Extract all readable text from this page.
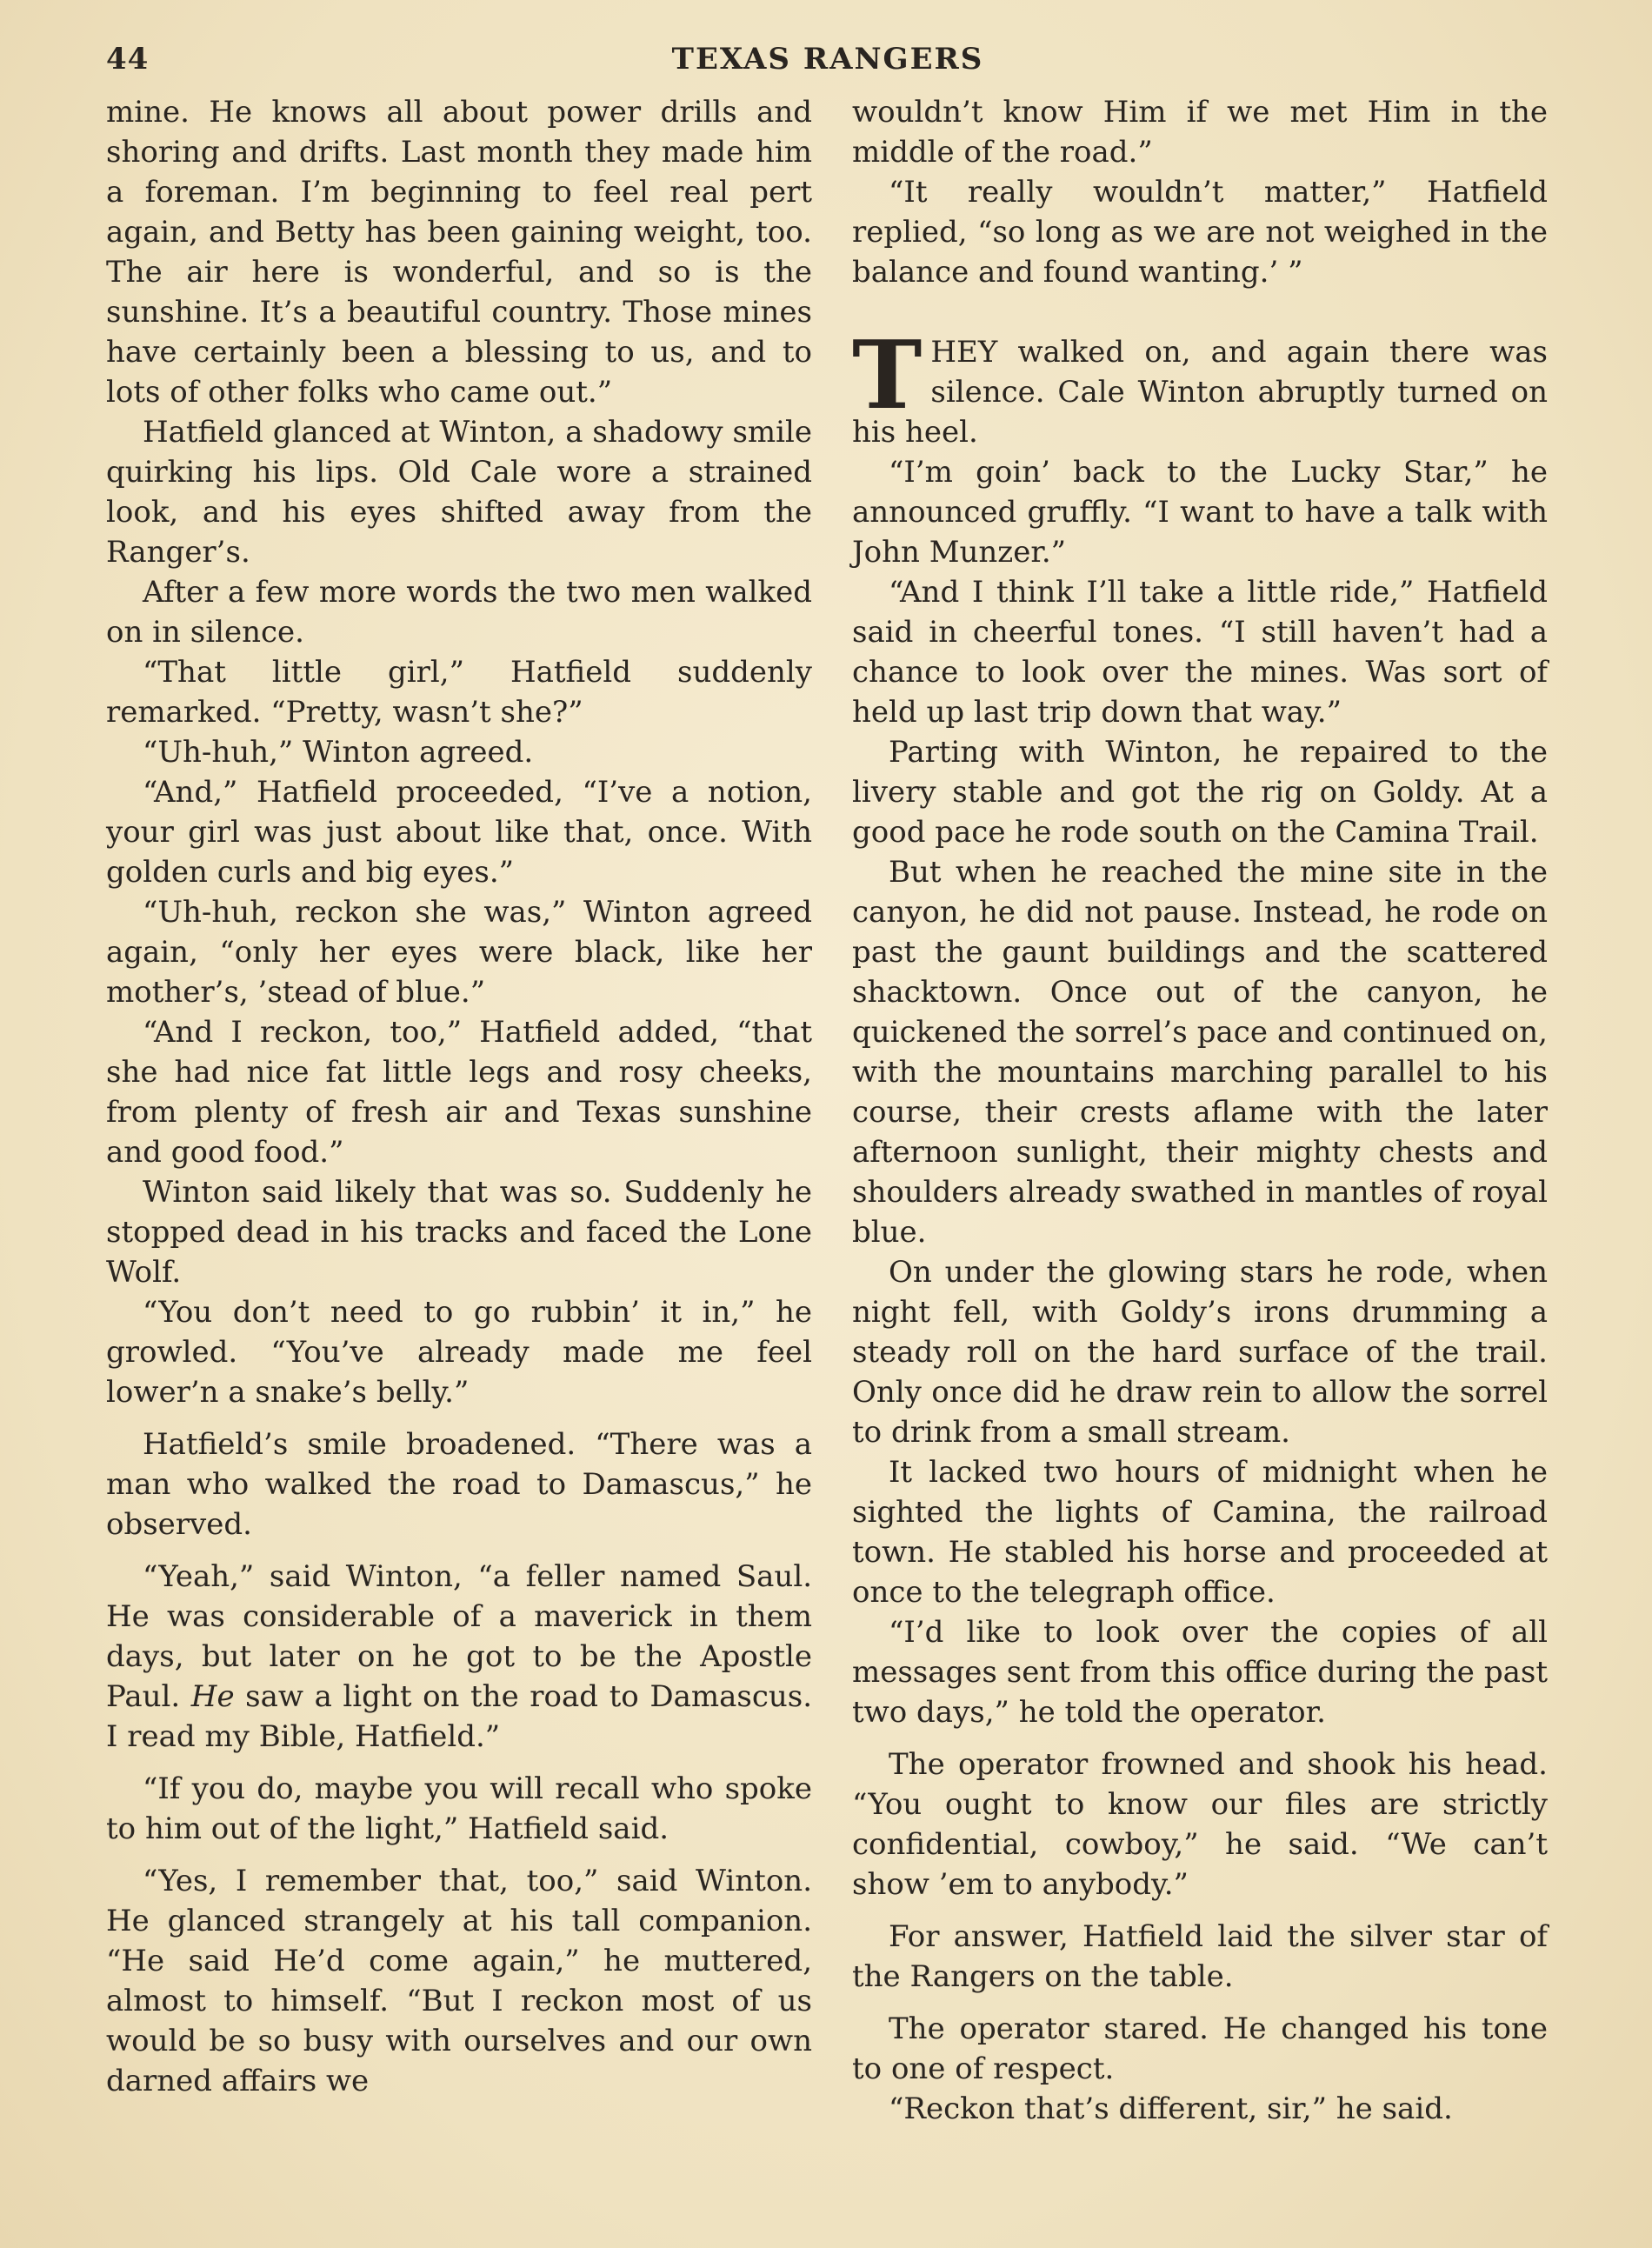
44	TEXAS RANGERS

mine. He knows all about power drills and shoring and drifts. Last month they made him a foreman. I’m beginning to feel real pert again, and Betty has been gaining weight, too. The air here is wonderful, and so is the sunshine. It’s a beautiful country. Those mines have certainly been a blessing to us, and to lots of other folks who came out.”

Hatfield glanced at Winton, a shadowy smile quirking his lips. Old Cale wore a strained look, and his eyes shifted away from the Ranger’s.

After a few more words the two men walked on in silence.

“That little girl,” Hatfield suddenly remarked. “Pretty, wasn’t she?”

“Uh-huh,” Winton agreed.

“And,” Hatfield proceeded, “I’ve a notion, your girl was just about like that, once. With golden curls and big eyes.”

“Uh-huh, reckon she was,” Winton agreed again, “only her eyes were black, like her mother’s, ’stead of blue.”

“And I reckon, too,” Hatfield added, “that she had nice fat little legs and rosy cheeks, from plenty of fresh air and Texas sunshine and good food.”

Winton said likely that was so. Suddenly he stopped dead in his tracks and faced the Lone Wolf.

“You don’t need to go rubbin’ it in,” he growled. “You’ve already made me feel lower’n a snake’s belly.”

Hatfield’s smile broadened. “There was a man who walked the road to Damascus,” he observed.

“Yeah,” said Winton, “a feller named Saul. He was considerable of a maverick in them days, but later on he got to be the Apostle Paul. He saw a light on the road to Damascus. I read my Bible, Hatfield.”

“If you do, maybe you will recall who spoke to him out of the light,” Hatfield said.

“Yes, I remember that, too,” said Winton. He glanced strangely at his tall companion. “He said He’d come again,” he muttered, almost to himself. “But I reckon most of us would be so busy with ourselves and our own darned affairs we

wouldn’t know Him if we met Him in the middle of the road.”

“It really wouldn’t matter,” Hatfield replied, “so long as we are not weighed in the balance and found wanting.’ ”

THEY walked on, and again there was silence. Cale Winton abruptly turned on his heel.

“I’m goin’ back to the Lucky Star,” he announced gruffly. “I want to have a talk with John Munzer.”

“And I think I’ll take a little ride,” Hatfield said in cheerful tones. “I still haven’t had a chance to look over the mines. Was sort of held up last trip down that way.”

Parting with Winton, he repaired to the livery stable and got the rig on Goldy. At a good pace he rode south on the Camina Trail.

But when he reached the mine site in the canyon, he did not pause. Instead, he rode on past the gaunt buildings and the scattered shacktown. Once out of the canyon, he quickened the sorrel’s pace and continued on, with the mountains marching parallel to his course, their crests aflame with the later afternoon sunlight, their mighty chests and shoulders already swathed in mantles of royal blue.

On under the glowing stars he rode, when night fell, with Goldy’s irons drumming a steady roll on the hard surface of the trail. Only once did he draw rein to allow the sorrel to drink from a small stream.

It lacked two hours of midnight when he sighted the lights of Camina, the railroad town. He stabled his horse and proceeded at once to the telegraph office.

“I’d like to look over the copies of all messages sent from this office during the past two days,” he told the operator.

The operator frowned and shook his head. “You ought to know our files are strictly confidential, cowboy,” he said. “We can’t show ’em to anybody.”

For answer, Hatfield laid the silver star of the Rangers on the table.

The operator stared. He changed his tone to one of respect.

“Reckon that’s different, sir,” he said.
